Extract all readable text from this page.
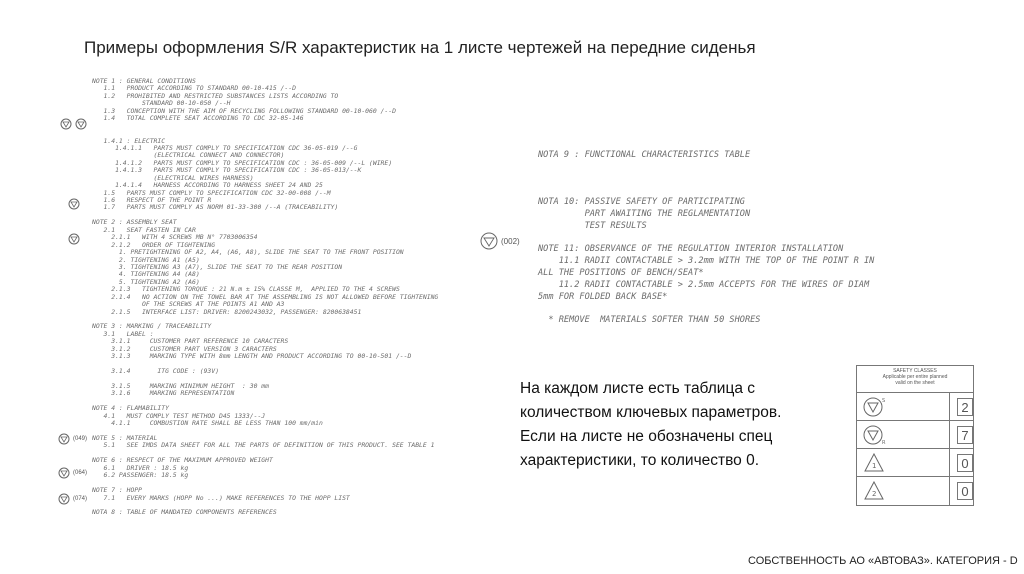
Примеры оформления S/R характеристик на 1 листе чертежей на передние сиденья
NOTE 1 : GENERAL CONDITIONS
1.1   PRODUCT ACCORDING TO STANDARD 00-10-415 /--D
1.2   PROHIBITED AND RESTRICTED SUBSTANCES LISTS ACCORDING TO
STANDARD 00-10-050 /--H
1.3   CONCEPTION WITH THE AIM OF RECYCLING FOLLOWING STANDARD 00-10-060 /--D
1.4   TOTAL COMPLETE SEAT ACCORDING TO CDC 32-05-146
1.4.1 : ELECTRIC
1.4.1.1   PARTS MUST COMPLY TO SPECIFICATION CDC 36-05-019 /--G
(ELECTRICAL CONNECT AND CONNECTOR)
1.4.1.2   PARTS MUST COMPLY TO SPECIFICATION CDC : 36-05-009 /--L (WIRE)
1.4.1.3   PARTS MUST COMPLY TO SPECIFICATION CDC : 36-05-013/--K
(ELECTRICAL WIRES HARNESS)
1.4.1.4   HARNESS ACCORDING TO HARNESS SHEET 24 AND 25
1.5   PARTS MUST COMPLY TO SPECIFICATION CDC 32-00-008 /--M
1.6   RESPECT OF THE POINT R
1.7   PARTS MUST COMPLY AS NORM 01-33-300 /--A (TRACEABILITY)
NOTE 2 : ASSEMBLY SEAT
2.1   SEAT FASTEN IN CAR
2.1.1   WITH 4 SCREWS MB N° 7703006354
2.1.2   ORDER OF TIGHTENING
1. PRETIGHTENING OF A2, A4, (A6, A8), SLIDE THE SEAT TO THE FRONT POSITION
2. TIGHTENING A1 (A5)
3. TIGHTENING A3 (A7), SLIDE THE SEAT TO THE REAR POSITION
4. TIGHTENING A4 (A8)
5. TIGHTENING A2 (A6)
2.1.3   TIGHTENING TORQUE : 21 N.m ± 15% CLASSE M,  APPLIED TO THE 4 SCREWS
2.1.4   NO ACTION ON THE TOWEL BAR AT THE ASSEMBLING IS NOT ALLOWED BEFORE TIGHTENING
OF THE SCREWS AT THE POINTS A1 AND A3
2.1.5   INTERFACE LIST: DRIVER: 8200243032, PASSENGER: 8200638451
NOTE 3 : MARKING / TRACEABILITY
3.1   LABEL :
3.1.1     CUSTOMER PART REFERENCE 10 CARACTERS
3.1.2     CUSTOMER PART VERSION 3 CARACTERS
3.1.3     MARKING TYPE WITH 8mm LENGTH AND PRODUCT ACCORDING TO 00-10-501 /--D
3.1.4       ITG CODE : (93V)
3.1.5     MARKING MINIMUM HEIGHT  : 30 mm
3.1.6     MARKING REPRESENTATION
NOTE 4 : FLAMABILITY
4.1   MUST COMPLY TEST METHOD D45 1333/--J
4.1.1     COMBUSTION RATE SHALL BE LESS THAN 100 mm/min
NOTE 5 : MATERIAL
5.1   SEE IMDS DATA SHEET FOR ALL THE PARTS OF DEFINITION OF THIS PRODUCT. SEE TABLE 1
NOTE 6 : RESPECT OF THE MAXIMUM APPROVED WEIGHT
6.1   DRIVER : 18.5 kg
6.2 PASSENGER: 18.5 kg
NOTE 7 : HOPP
7.1   EVERY MARKS (HOPP No ...) MAKE REFERENCES TO THE HOPP LIST
NOTA 8 : TABLE OF MANDATED COMPONENTS REFERENCES
NOTA 9 : FUNCTIONAL CHARACTERISTICS TABLE
NOTA 10: PASSIVE SAFETY OF PARTICIPATING
PART AWAITING THE REGLAMENTATION
TEST RESULTS
NOTE 11: OBSERVANCE OF THE REGULATION INTERIOR INSTALLATION
11.1 RADII CONTACTABLE > 3.2mm WITH THE TOP OF THE POINT R IN
ALL THE POSITIONS OF BENCH/SEAT*
11.2 RADII CONTACTABLE > 2.5mm ACCEPTS FOR THE WIRES OF DIAM
5mm FOR FOLDED BACK BASE*
* REMOVE  MATERIALS SOFTER THAN 50 SHORES
(002)
(049)
(064)
(074)
На каждом листе есть таблица с
количеством ключевых параметров.
Если на листе не обозначены спец
характеристики, то количество 0.
SAFETY CLASSES
Applicable per entire planned
valid on the sheet
S	2
R	7
1	0
2	0
СОБСТВЕННОСТЬ АО «АВТОВАЗ». КАТЕГОРИЯ - D
